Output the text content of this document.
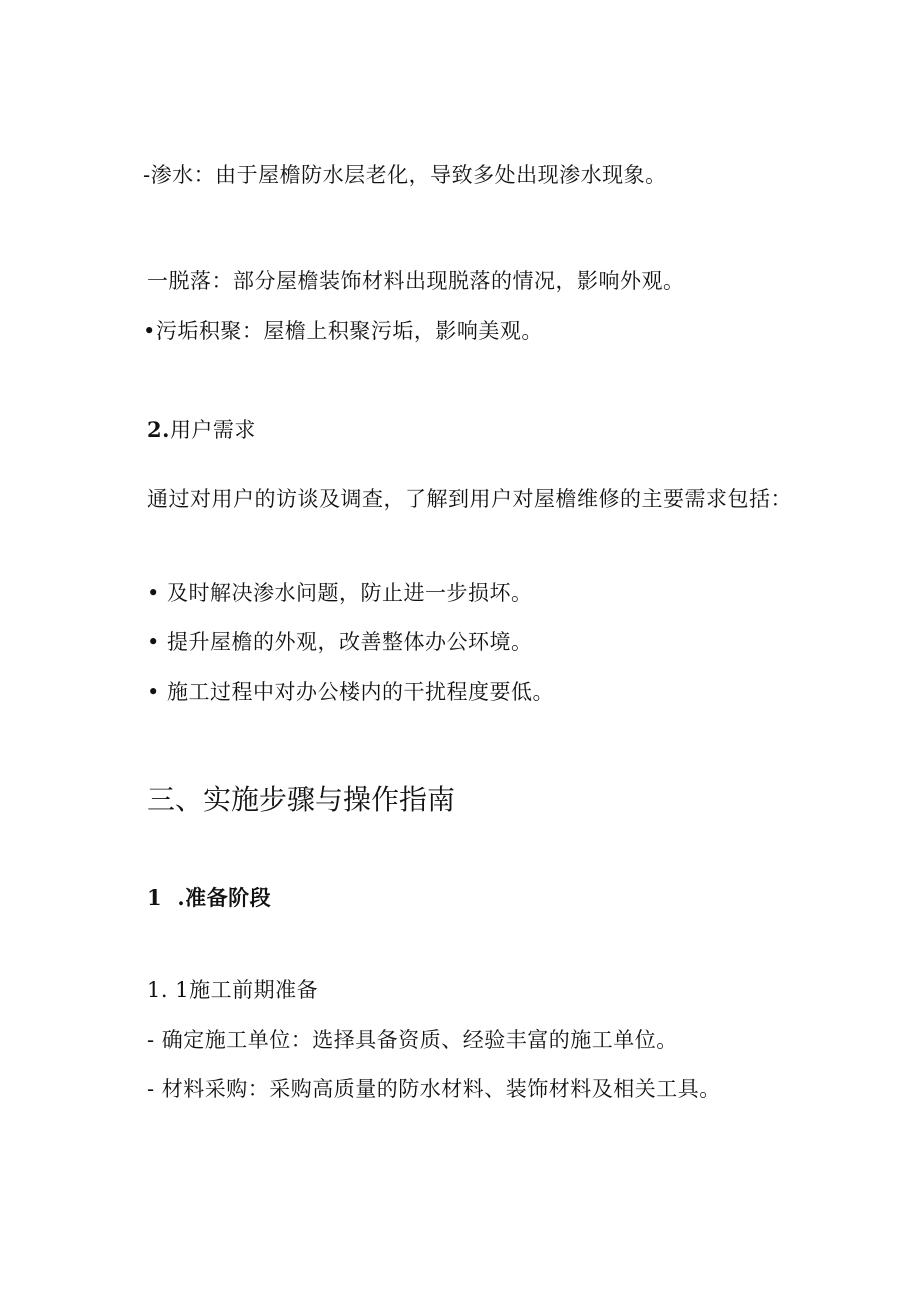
-渗水：由于屋檐防水层老化，导致多处出现渗水现象。
一脱落：部分屋檐装饰材料出现脱落的情况，影响外观。
•污垢积聚：屋檐上积聚污垢，影响美观。
2.用户需求
通过对用户的访谈及调查，了解到用户对屋檐维修的主要需求包括：
• 及时解决渗水问题，防止进一步损坏。
• 提升屋檐的外观，改善整体办公环境。
• 施工过程中对办公楼内的干扰程度要低。
三、实施步骤与操作指南
1 .准备阶段
1. 1施工前期准备
- 确定施工单位：选择具备资质、经验丰富的施工单位。
- 材料采购：采购高质量的防水材料、装饰材料及相关工具。
